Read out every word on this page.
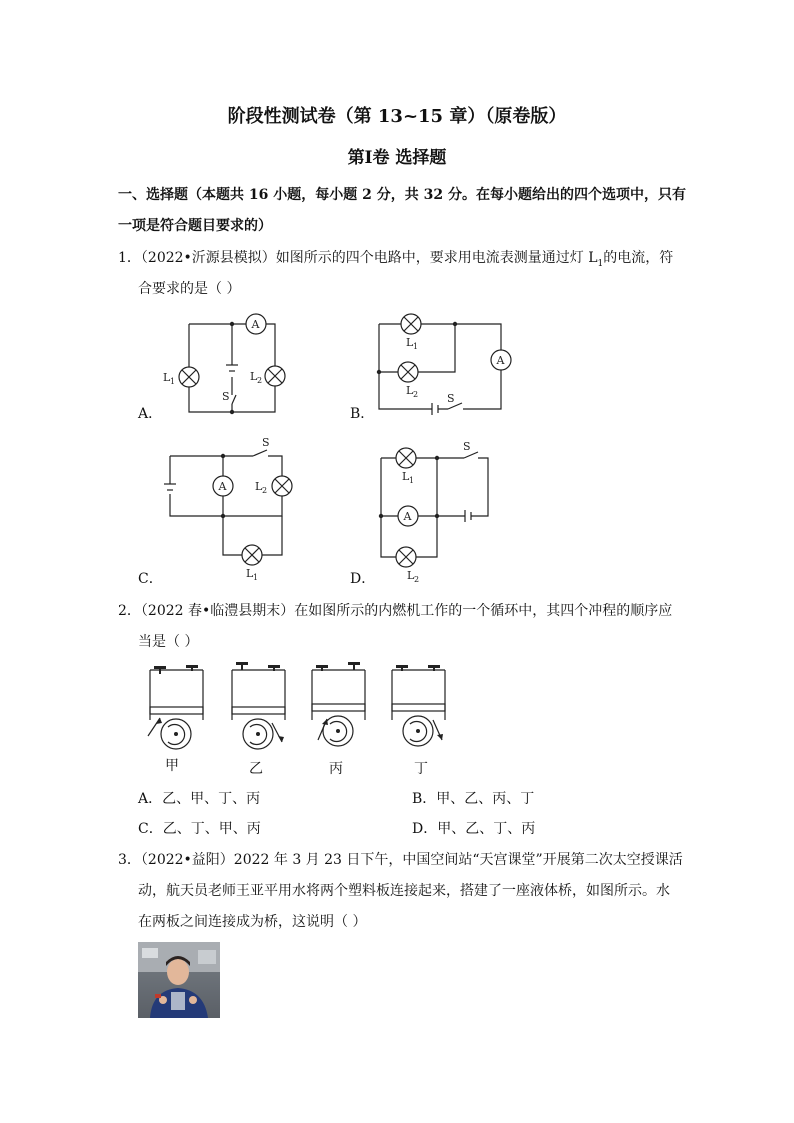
阶段性测试卷（第 13~15 章）（原卷版）
第Ⅰ卷 选择题
一、选择题（本题共 16 小题，每小题 2 分，共 32 分。在每小题给出的四个选项中，只有
一项是符合题目要求的）
1．（2022•沂源县模拟）如图所示的四个电路中，要求用电流表测量通过灯 $L_1$的电流，符
合要求的是（ ）
A．	B．
C．	D．
A
L 1	L 2
S
A
L 1
L 2	S
A
S
L 2
L 1
A
S
L 1
L 2
2．（2022 春•临澧县期末）在如图所示的内燃机工作的一个循环中，其四个冲程的顺序应
当是（ ）
甲	乙	丙	丁
A．乙、甲、丁、丙	B．甲、乙、丙、丁
C．乙、丁、甲、丙	D．甲、乙、丁、丙
3．（2022•益阳）2022 年 3 月 23 日下午，中国空间站“天宫课堂”开展第二次太空授课活
动，航天员老师王亚平用水将两个塑料板连接起来，搭建了一座液体桥，如图所示。水
在两板之间连接成为桥，这说明（ ）
